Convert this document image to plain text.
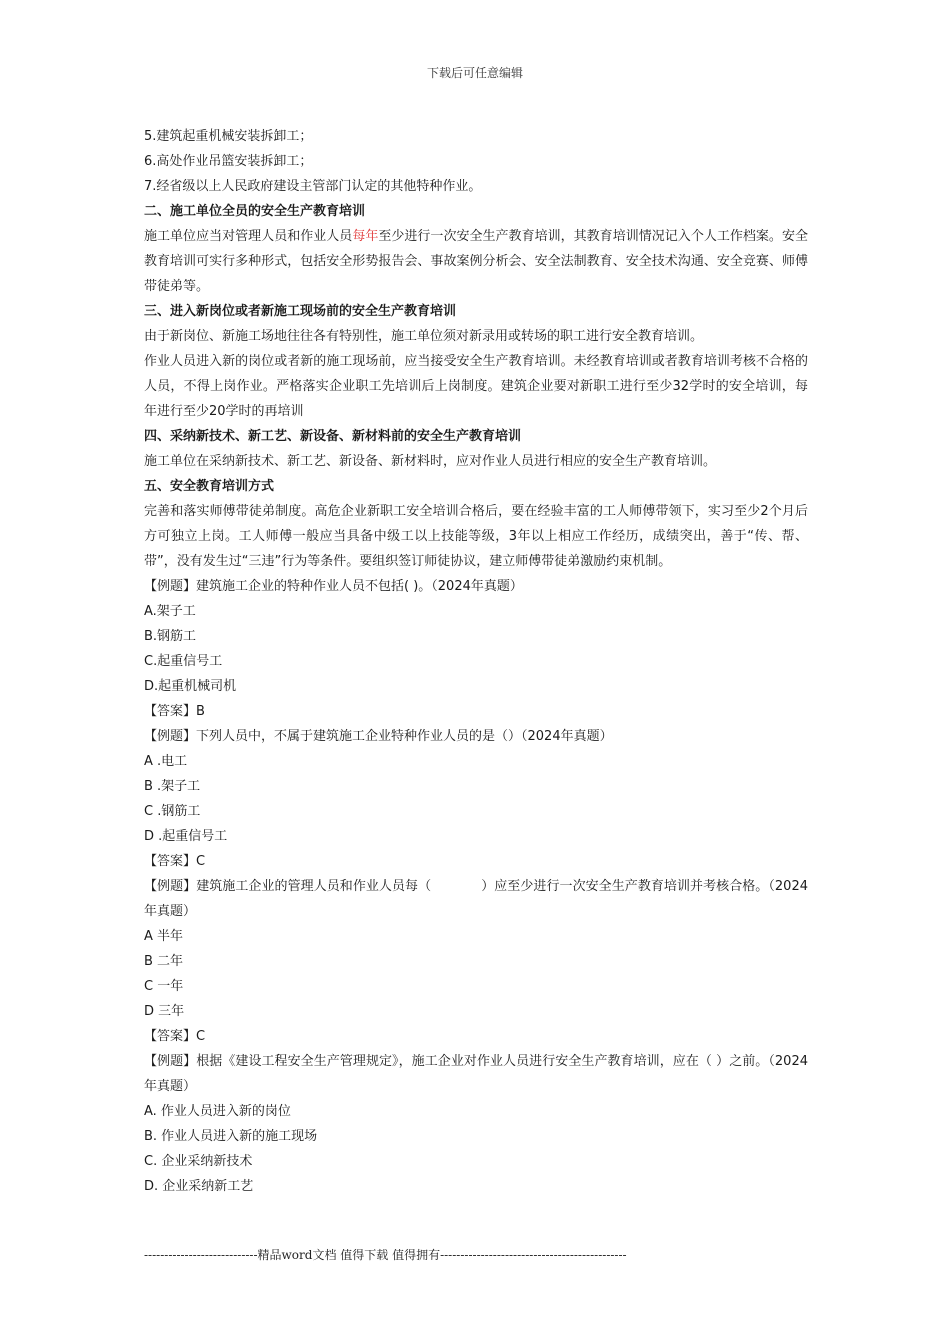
下载后可任意编辑
5.建筑起重机械安装拆卸工；
6.高处作业吊篮安装拆卸工；
7.经省级以上人民政府建设主管部门认定的其他特种作业。
二、施工单位全员的安全生产教育培训
施工单位应当对管理人员和作业人员每年至少进行一次安全生产教育培训，其教育培训情况记入个人工作档案。安全教育培训可实行多种形式，包括安全形势报告会、事故案例分析会、安全法制教育、安全技术沟通、安全竞赛、师傅带徒弟等。
三、进入新岗位或者新施工现场前的安全生产教育培训
由于新岗位、新施工场地往往各有特别性，施工单位须对新录用或转场的职工进行安全教育培训。
作业人员进入新的岗位或者新的施工现场前，应当接受安全生产教育培训。未经教育培训或者教育培训考核不合格的人员，不得上岗作业。严格落实企业职工先培训后上岗制度。建筑企业要对新职工进行至少32学时的安全培训，每年进行至少20学时的再培训
四、采纳新技术、新工艺、新设备、新材料前的安全生产教育培训
施工单位在采纳新技术、新工艺、新设备、新材料时，应对作业人员进行相应的安全生产教育培训。
五、安全教育培训方式
完善和落实师傅带徒弟制度。高危企业新职工安全培训合格后，要在经验丰富的工人师傅带领下，实习至少2个月后方可独立上岗。工人师傅一般应当具备中级工以上技能等级，3年以上相应工作经历，成绩突出，善于“传、帮、带”，没有发生过“三违”行为等条件。要组织签订师徒协议，建立师傅带徒弟激励约束机制。
【例题】建筑施工企业的特种作业人员不包括( )。（2024年真题）
A.架子工
B.钢筋工
C.起重信号工
D.起重机械司机
【答案】B
【例题】下列人员中，不属于建筑施工企业特种作业人员的是（）（2024年真题）
A .电工
B .架子工
C .钢筋工
D .起重信号工
【答案】C
【例题】建筑施工企业的管理人员和作业人员每（	）应至少进行一次安全生产教育培训并考核合格。（2024年真题）
A 半年
B 二年
C 一年
D 三年
【答案】C
【例题】根据《建设工程安全生产管理规定》，施工企业对作业人员进行安全生产教育培训，应在（ ）之前。（2024年真题）
A. 作业人员进入新的岗位
B. 作业人员进入新的施工现场
C. 企业采纳新技术
D. 企业采纳新工艺
----------------------------精品word文档 值得下载 值得拥有----------------------------------------------
